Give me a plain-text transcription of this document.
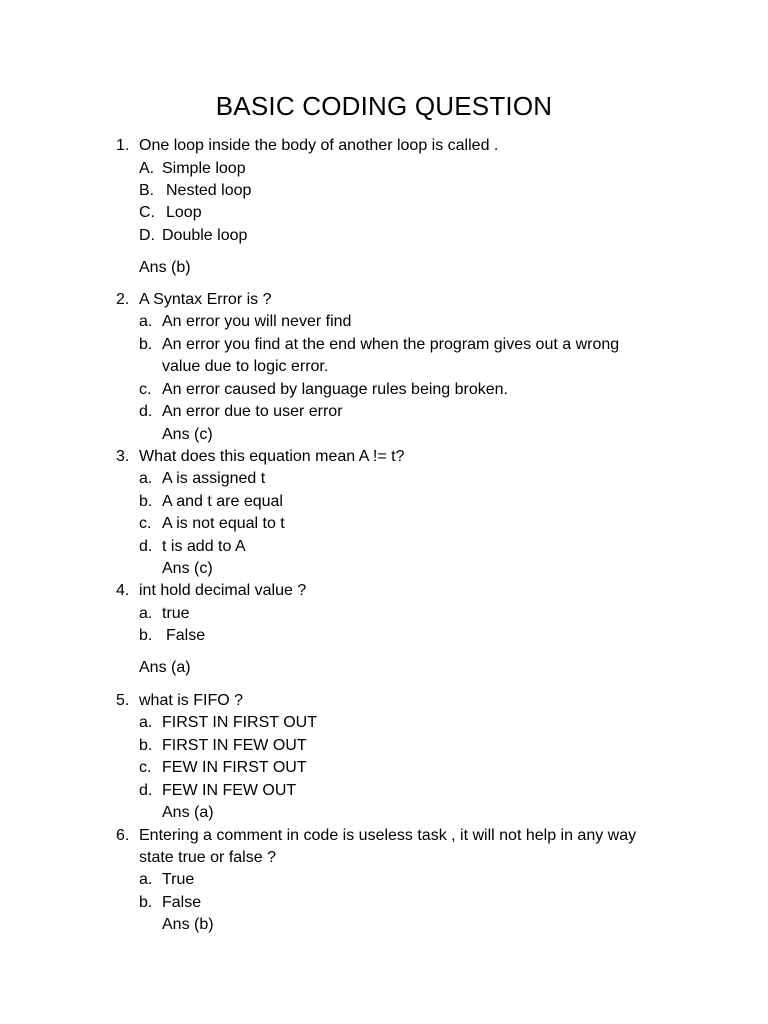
BASIC CODING QUESTION
1. One loop inside the body of another loop is called .
A. Simple loop
B. Nested loop
C. Loop
D. Double loop
Ans (b)
2. A Syntax Error is ?
a. An error you will never find
b. An error you find at the end when the program gives out a wrong
value due to logic error.
c. An error caused by language rules being broken.
d. An error due to user error
Ans (c)
3. What does this equation mean A != t?
a. A is assigned t
b. A and t are equal
c. A is not equal to t
d. t is add to A
Ans (c)
4. int hold decimal value ?
a. true
b. False
Ans (a)
5. what is FIFO ?
a. FIRST IN FIRST OUT
b. FIRST IN FEW OUT
c. FEW IN FIRST OUT
d. FEW IN FEW OUT
Ans (a)
6. Entering a comment in code is useless task , it will not help in any way
state true or false ?
a. True
b. False
Ans (b)
